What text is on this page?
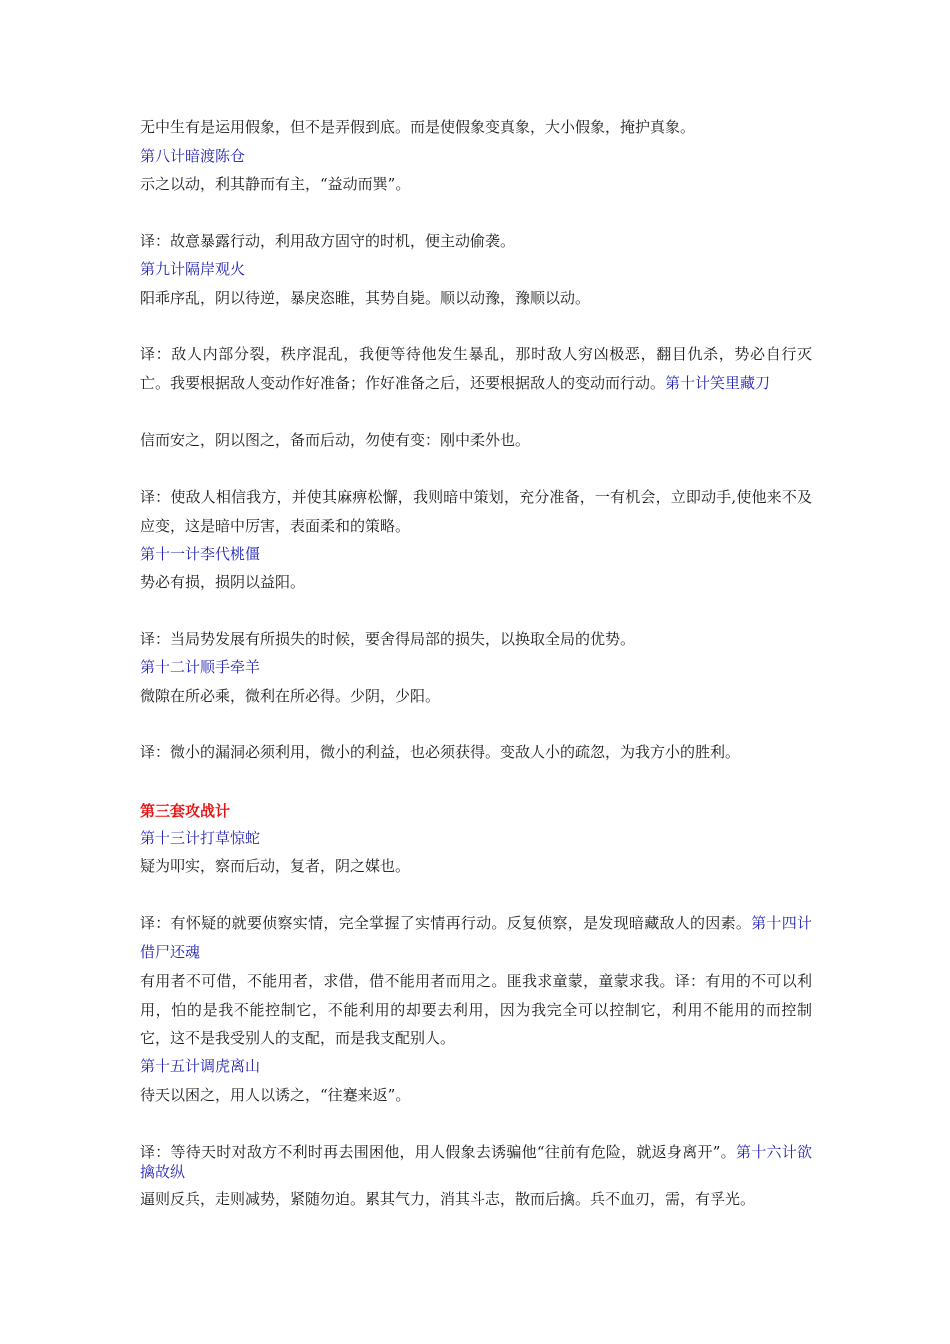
无中生有是运用假象，但不是弄假到底。而是使假象变真象，大小假象，掩护真象。
第八计暗渡陈仓
示之以动，利其静而有主，“益动而巽”。
译：故意暴露行动，利用敌方固守的时机，便主动偷袭。
第九计隔岸观火
阳乖序乱，阴以待逆，暴戾恣睢，其势自毙。顺以动豫，豫顺以动。
译：敌人内部分裂，秩序混乱，我便等待他发生暴乱，那时敌人穷凶极恶，翻目仇杀，势必自行灭亡。我要根据敌人变动作好准备；作好准备之后，还要根据敌人的变动而行动。第十计笑里藏刀
信而安之，阴以图之，备而后动，勿使有变：刚中柔外也。
译：使敌人相信我方，并使其麻痹松懈，我则暗中策划，充分准备，一有机会，立即动手,使他来不及应变，这是暗中厉害，表面柔和的策略。
第十一计李代桃僵
势必有损，损阴以益阳。
译：当局势发展有所损失的时候，要舍得局部的损失，以换取全局的优势。
第十二计顺手牵羊
微隙在所必乘，微利在所必得。少阴，少阳。
译：微小的漏洞必须利用，微小的利益，也必须获得。变敌人小的疏忽，为我方小的胜利。
第三套攻战计
第十三计打草惊蛇
疑为叩实，察而后动，复者，阴之媒也。
译：有怀疑的就要侦察实情，完全掌握了实情再行动。反复侦察，是发现暗藏敌人的因素。第十四计借尸还魂
有用者不可借，不能用者，求借，借不能用者而用之。匪我求童蒙，童蒙求我。译：有用的不可以利用，怕的是我不能控制它，不能利用的却要去利用，因为我完全可以控制它，利用不能用的而控制它，这不是我受别人的支配，而是我支配别人。
第十五计调虎离山
待天以困之，用人以诱之，“往蹇来返”。
译：等待天时对敌方不利时再去围困他，用人假象去诱骗他“往前有危险，就返身离开”。第十六计欲擒故纵
逼则反兵，走则减势，紧随勿迫。累其气力，消其斗志，散而后擒。兵不血刃，需，有孚光。
